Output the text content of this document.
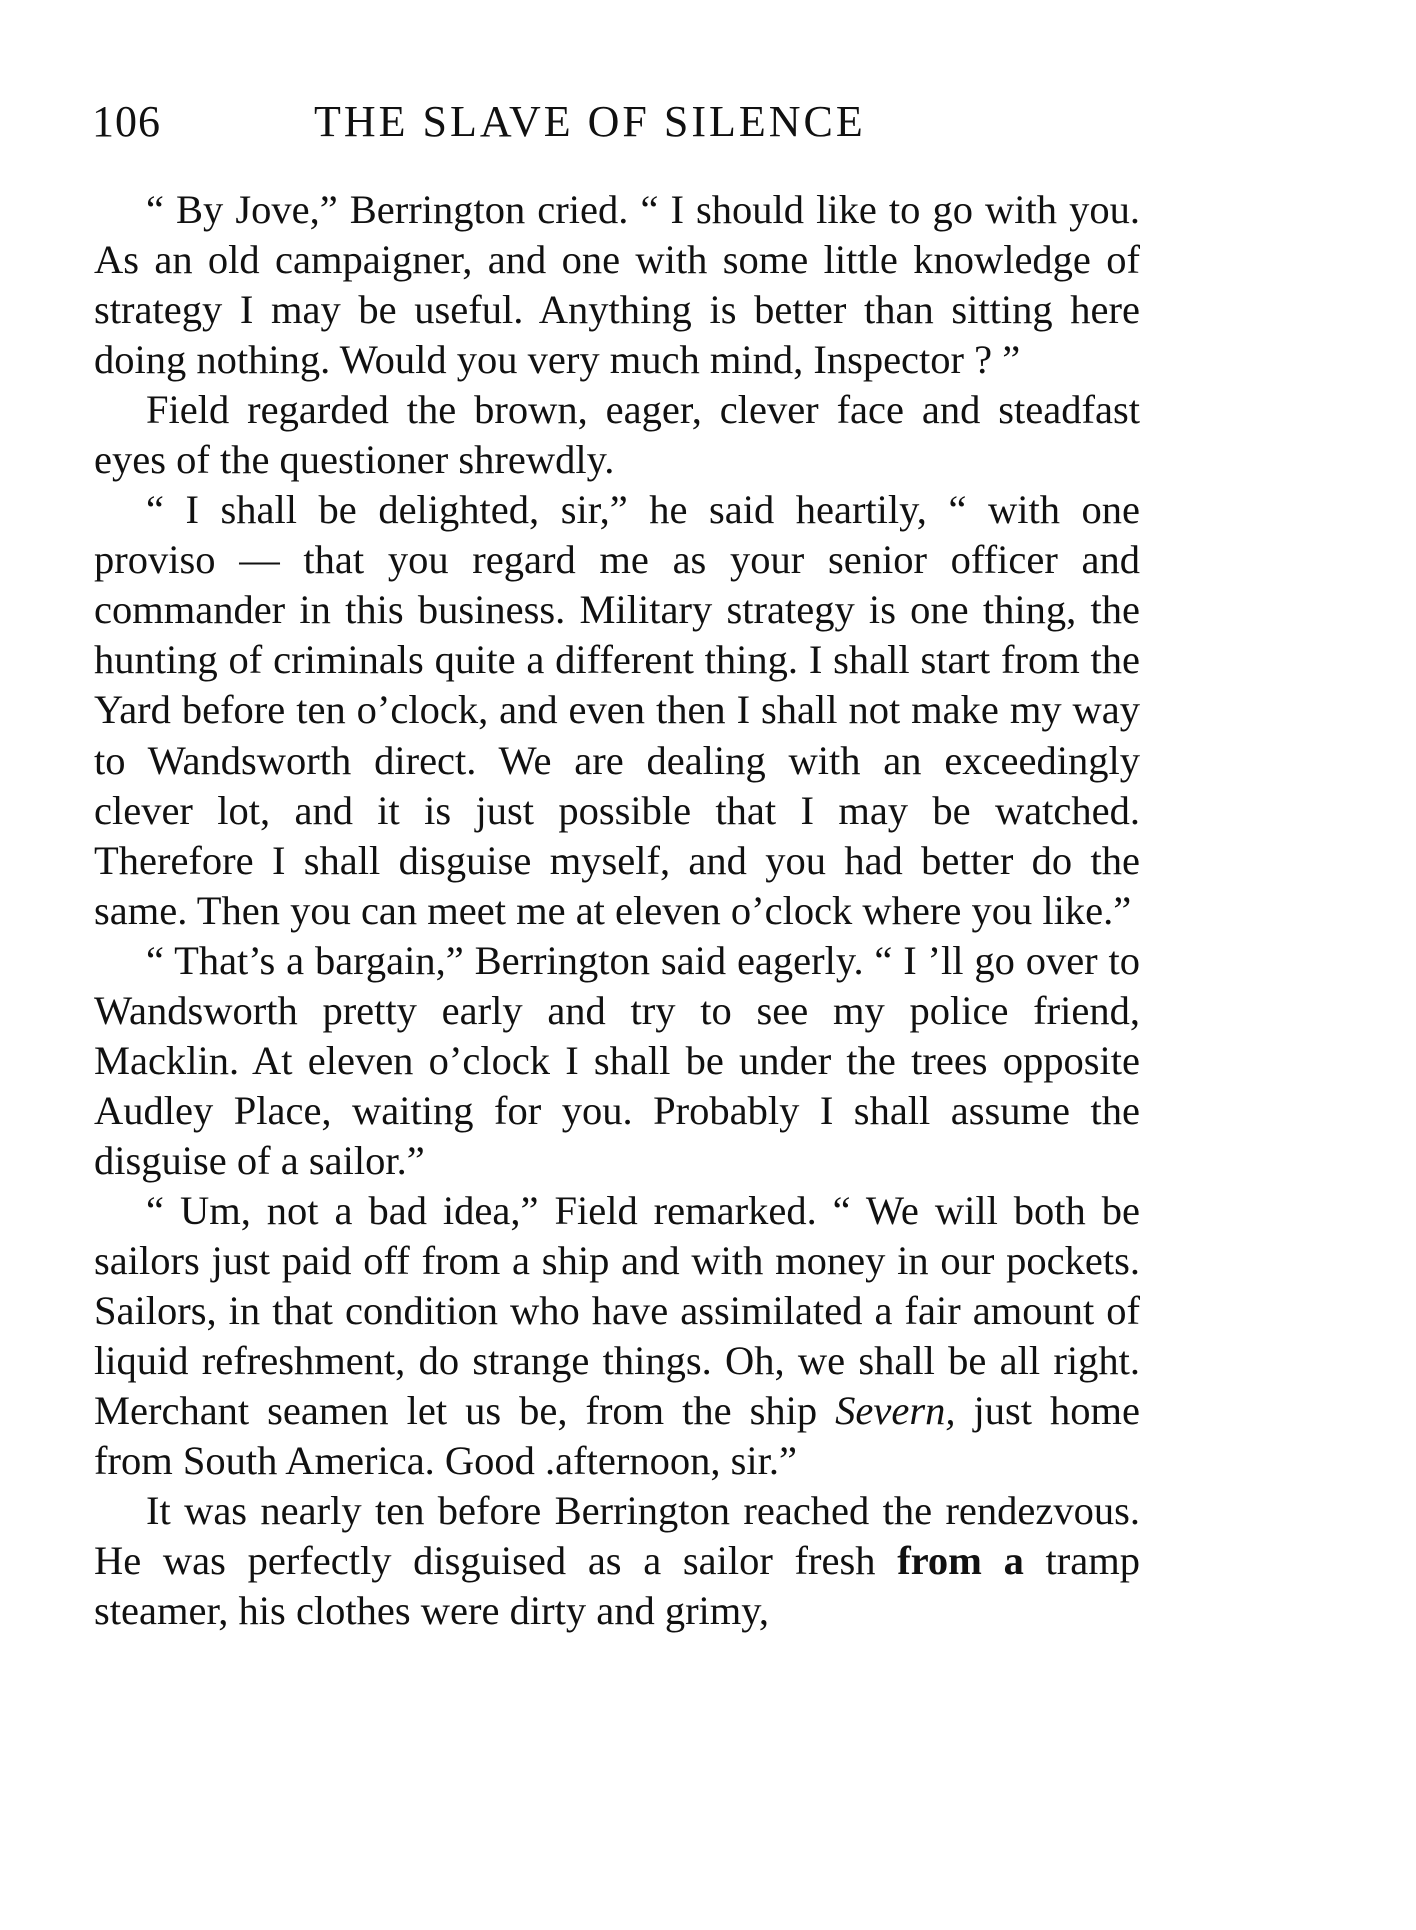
106	THE SLAVE OF SILENCE

“ By Jove,” Berrington cried. “ I should like to go with you. As an old campaigner, and one with some little knowledge of strategy I may be useful. Anything is better than sitting here doing nothing. Would you very much mind, Inspector ? ”

Field regarded the brown, eager, clever face and steadfast eyes of the questioner shrewdly.

“ I shall be delighted, sir,” he said heartily, “ with one proviso — that you regard me as your senior officer and commander in this business. Military strategy is one thing, the hunting of criminals quite a different thing. I shall start from the Yard before ten o’clock, and even then I shall not make my way to Wandsworth direct. We are dealing with an exceedingly clever lot, and it is just possible that I may be watched. Therefore I shall disguise myself, and you had better do the same. Then you can meet me at eleven o’clock where you like.”

“ That’s a bargain,” Berrington said eagerly. “ I ’ll go over to Wandsworth pretty early and try to see my police friend, Macklin. At eleven o’clock I shall be under the trees opposite Audley Place, waiting for you. Probably I shall assume the disguise of a sailor.”

“ Um, not a bad idea,” Field remarked. “ We will both be sailors just paid off from a ship and with money in our pockets. Sailors, in that condition who have assimilated a fair amount of liquid refreshment, do strange things. Oh, we shall be all right. Merchant seamen let us be, from the ship Severn, just home from South America. Good .afternoon, sir.”

It was nearly ten before Berrington reached the rendezvous. He was perfectly disguised as a sailor fresh from a tramp steamer, his clothes were dirty and grimy,
